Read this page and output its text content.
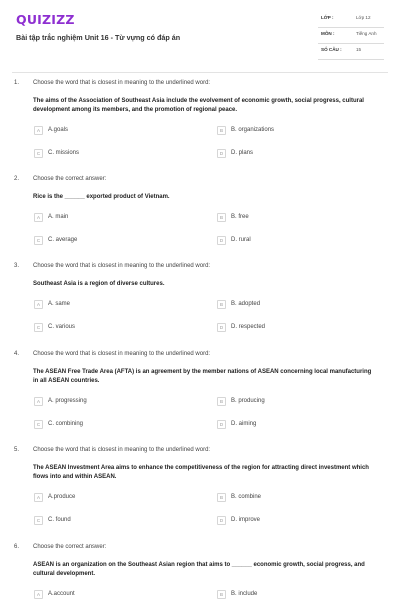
QUIZIZZ
Bài tập trắc nghiệm Unit 16 - Từ vựng có đáp án
LỚP :	Lớp 12
MÔN :	Tiếng Anh
SỐ CÂU :	15
1. Choose the word that is closest in meaning to the underlined word:
The aims of the Association of Southeast Asia include the evolvement of economic growth, social progress, cultural development among its members, and the promotion of regional peace.
A	A.goals	B	B. organizations
C	C. missions	D	D. plans
2. Choose the correct answer:
Rice is the ______ exported product of Vietnam.
A	A. main	B	B. free
C	C. average	D	D. rural
3. Choose the word that is closest in meaning to the underlined word:
Southeast Asia is a region of diverse cultures.
A	A. same	B	B. adopted
C	C. various	D	D. respected
4. Choose the word that is closest in meaning to the underlined word:
The ASEAN Free Trade Area (AFTA) is an agreement by the member nations of ASEAN concerning local manufacturing in all ASEAN countries.
A	A. progressing	B	B. producing
C	C. combining	D	D. aiming
5. Choose the word that is closest in meaning to the underlined word:
The ASEAN Investment Area aims to enhance the competitiveness of the region for attracting direct investment which flows into and within ASEAN.
A	A.produce	B	B. combine
C	C. found	D	D. improve
6. Choose the correct answer:
ASEAN is an organization on the Southeast Asian region that aims to ______ economic growth, social progress, and cultural development.
A	A.account	B	B. include
